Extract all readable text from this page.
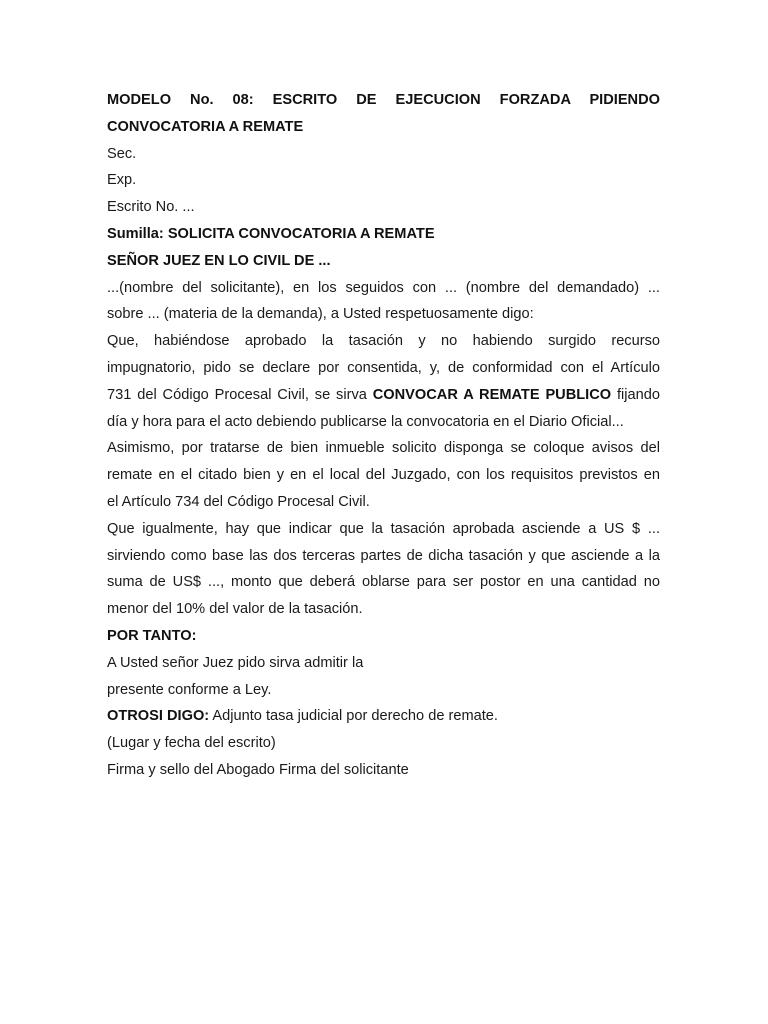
MODELO No. 08: ESCRITO DE EJECUCION FORZADA PIDIENDO
CONVOCATORIA A REMATE
Sec.
Exp.
Escrito No. ...
Sumilla: SOLICITA CONVOCATORIA A REMATE
SEÑOR JUEZ EN LO CIVIL DE ...
...(nombre del solicitante), en los seguidos con ... (nombre del demandado) ...
sobre ... (materia de la demanda), a Usted respetuosamente digo:
Que, habiéndose aprobado la tasación y no habiendo surgido recurso
impugnatorio, pido se declare por consentida, y, de conformidad con el Artículo
731 del Código Procesal Civil, se sirva CONVOCAR A REMATE PUBLICO fijando
día y hora para el acto debiendo publicarse la convocatoria en el Diario Oficial...
Asimismo, por tratarse de bien inmueble solicito disponga se coloque avisos del
remate en el citado bien y en el local del Juzgado, con los requisitos previstos en
el Artículo 734 del Código Procesal Civil.
Que igualmente, hay que indicar que la tasación aprobada asciende a US $ ...
sirviendo como base las dos terceras partes de dicha tasación y que asciende a la
suma de US$ ..., monto que deberá oblarse para ser postor en una cantidad no
menor del 10% del valor de la tasación.
POR TANTO:
A Usted señor Juez pido sirva admitir la
presente conforme a Ley.
OTROSI DIGO: Adjunto tasa judicial por derecho de remate.
(Lugar y fecha del escrito)
Firma y sello del Abogado Firma del solicitante
